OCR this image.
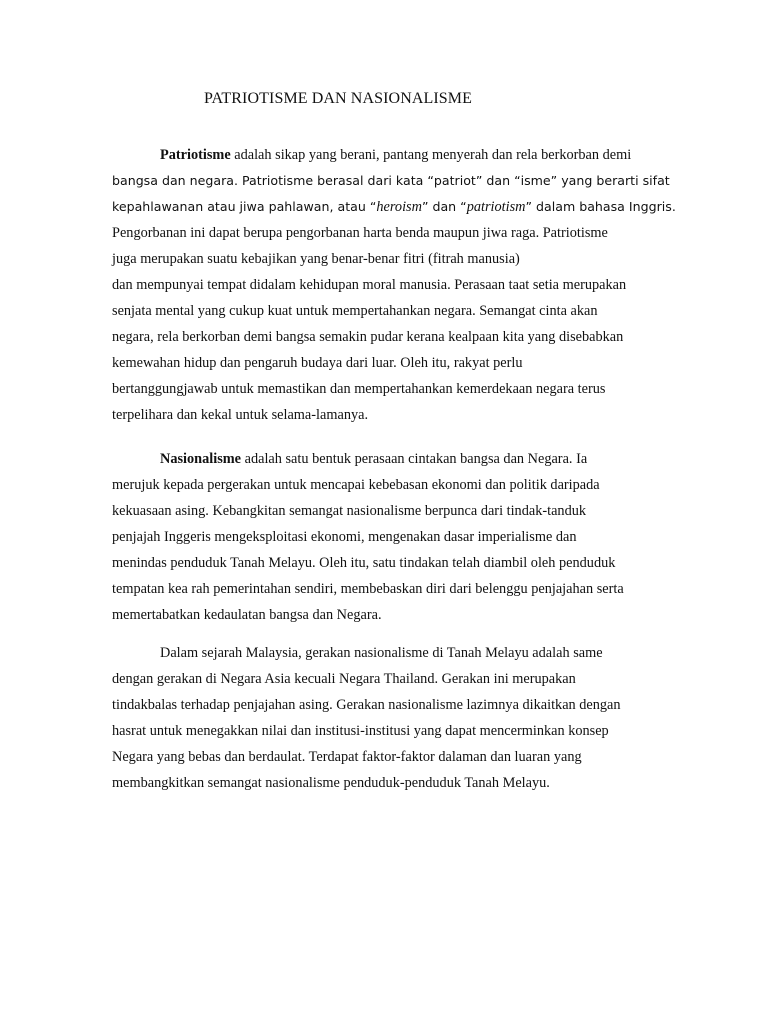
PATRIOTISME DAN NASIONALISME

Patriotisme adalah sikap yang berani, pantang menyerah dan rela berkorban demi

bangsa dan negara. Patriotisme berasal dari kata “patriot” dan “isme” yang berarti sifat

kepahlawanan atau jiwa pahlawan, atau “heroism” dan “patriotism” dalam bahasa Inggris.

Pengorbanan ini dapat berupa pengorbanan harta benda maupun jiwa raga. Patriotisme

juga merupakan suatu kebajikan yang benar-benar fitri (fitrah manusia)

dan mempunyai tempat didalam kehidupan moral manusia. Perasaan taat setia merupakan

senjata mental yang cukup kuat untuk mempertahankan negara. Semangat cinta akan

negara, rela berkorban demi bangsa semakin pudar kerana kealpaan kita yang disebabkan

kemewahan hidup dan pengaruh budaya dari luar. Oleh itu, rakyat perlu

bertanggungjawab untuk memastikan dan mempertahankan kemerdekaan negara terus

terpelihara dan kekal untuk selama-lamanya.

Nasionalisme adalah satu bentuk perasaan cintakan bangsa dan Negara. Ia

merujuk kepada pergerakan untuk mencapai kebebasan ekonomi dan politik daripada

kekuasaan asing. Kebangkitan semangat nasionalisme berpunca dari tindak-tanduk

penjajah Inggeris mengeksploitasi ekonomi, mengenakan dasar imperialisme dan

menindas penduduk Tanah Melayu. Oleh itu, satu tindakan telah diambil oleh penduduk

tempatan kea rah pemerintahan sendiri, membebaskan diri dari belenggu penjajahan serta

memertabatkan kedaulatan bangsa dan Negara.

Dalam sejarah Malaysia, gerakan nasionalisme di Tanah Melayu adalah same

dengan gerakan di Negara Asia kecuali Negara Thailand. Gerakan ini merupakan

tindakbalas terhadap penjajahan asing. Gerakan nasionalisme lazimnya dikaitkan dengan

hasrat untuk menegakkan nilai dan institusi-institusi yang dapat mencerminkan konsep

Negara yang bebas dan berdaulat. Terdapat faktor-faktor dalaman dan luaran yang

membangkitkan semangat nasionalisme penduduk-penduduk Tanah Melayu.
